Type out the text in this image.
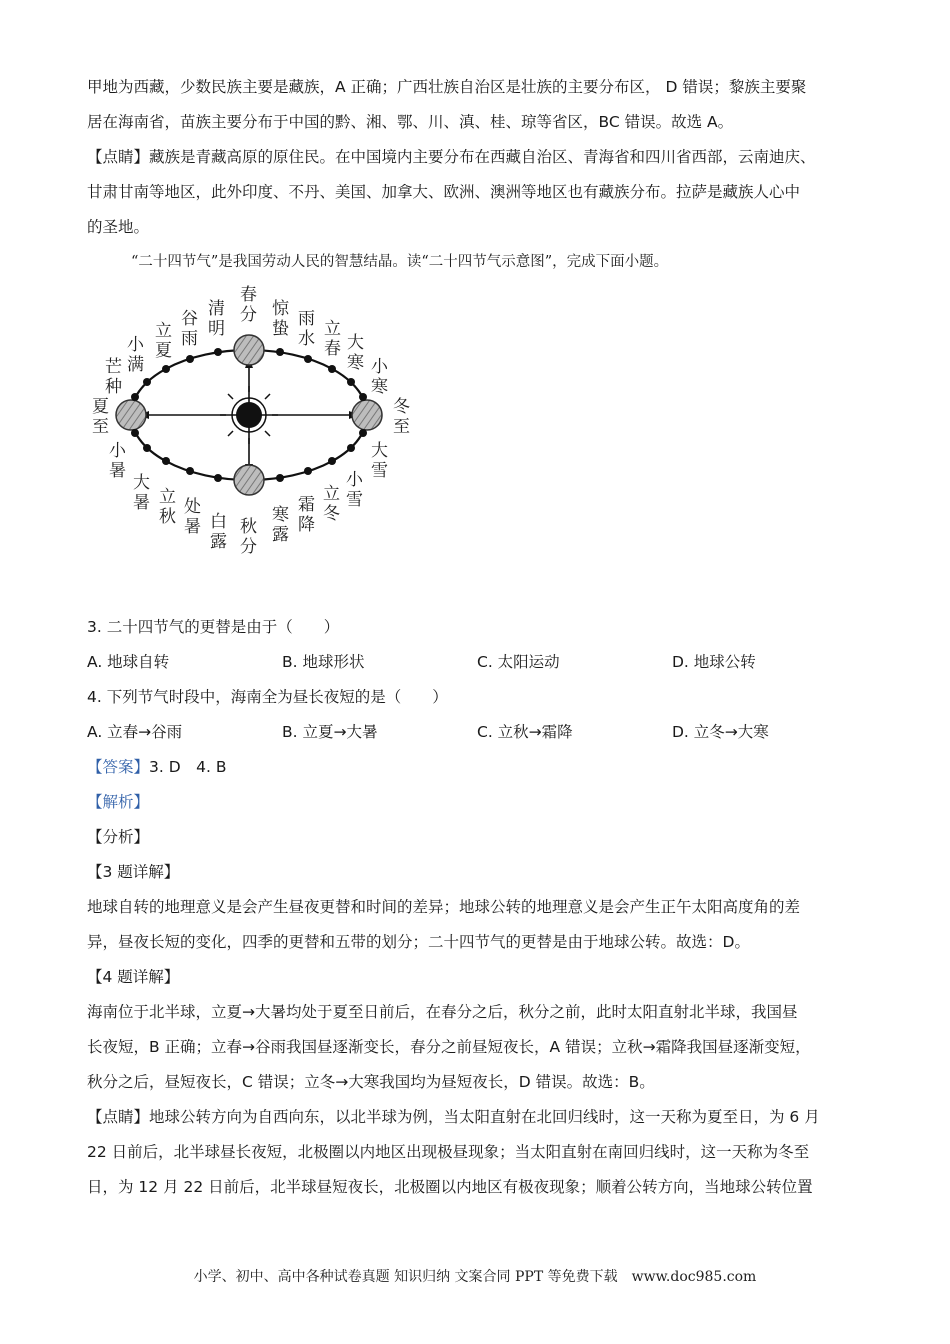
甲地为西藏，少数民族主要是藏族，A 正确；广西壮族自治区是壮族的主要分布区， D 错误；黎族主要聚
居在海南省，苗族主要分布于中国的黔、湘、鄂、川、滇、桂、琼等省区，BC 错误。故选 A。
【点睛】藏族是青藏高原的原住民。在中国境内主要分布在西藏自治区、青海省和四川省西部，云南迪庆、
甘肃甘南等地区，此外印度、不丹、美国、加拿大、欧洲、澳洲等地区也有藏族分布。拉萨是藏族人心中
的圣地。
“二十四节气”是我国劳动人民的智慧结晶。读“二十四节气示意图”，完成下面小题。
春
分
清
明
谷
雨
立
夏
小
满
芒
种
夏
至
小
暑
大
暑 立
秋 处
暑 白
露
秋
分
寒
露
霜
降
立
冬
小
雪
大
雪
冬
至
小
寒
大
寒
立
春
雨
水
惊
蛰
3. 二十四节气的更替是由于（　　）
A. 地球自转	B. 地球形状	C. 太阳运动	D. 地球公转
4. 下列节气时段中，海南全为昼长夜短的是（　　）
A. 立春→谷雨	B. 立夏→大暑	C. 立秋→霜降	D. 立冬→大寒
【答案】3. D　4. B
【解析】
【分析】
【3 题详解】
地球自转的地理意义是会产生昼夜更替和时间的差异；地球公转的地理意义是会产生正午太阳高度角的差
异，昼夜长短的变化，四季的更替和五带的划分；二十四节气的更替是由于地球公转。故选：D。
【4 题详解】
海南位于北半球，立夏→大暑均处于夏至日前后，在春分之后，秋分之前，此时太阳直射北半球，我国昼
长夜短，B 正确；立春→谷雨我国昼逐渐变长，春分之前昼短夜长，A 错误；立秋→霜降我国昼逐渐变短，
秋分之后，昼短夜长，C 错误；立冬→大寒我国均为昼短夜长，D 错误。故选：B。
【点睛】地球公转方向为自西向东，以北半球为例，当太阳直射在北回归线时，这一天称为夏至日，为 6 月
22 日前后，北半球昼长夜短，北极圈以内地区出现极昼现象；当太阳直射在南回归线时，这一天称为冬至
日，为 12 月 22 日前后，北半球昼短夜长，北极圈以内地区有极夜现象；顺着公转方向，当地球公转位置
小学、初中、高中各种试卷真题 知识归纳 文案合同 PPT 等免费下载　www.doc985.com
